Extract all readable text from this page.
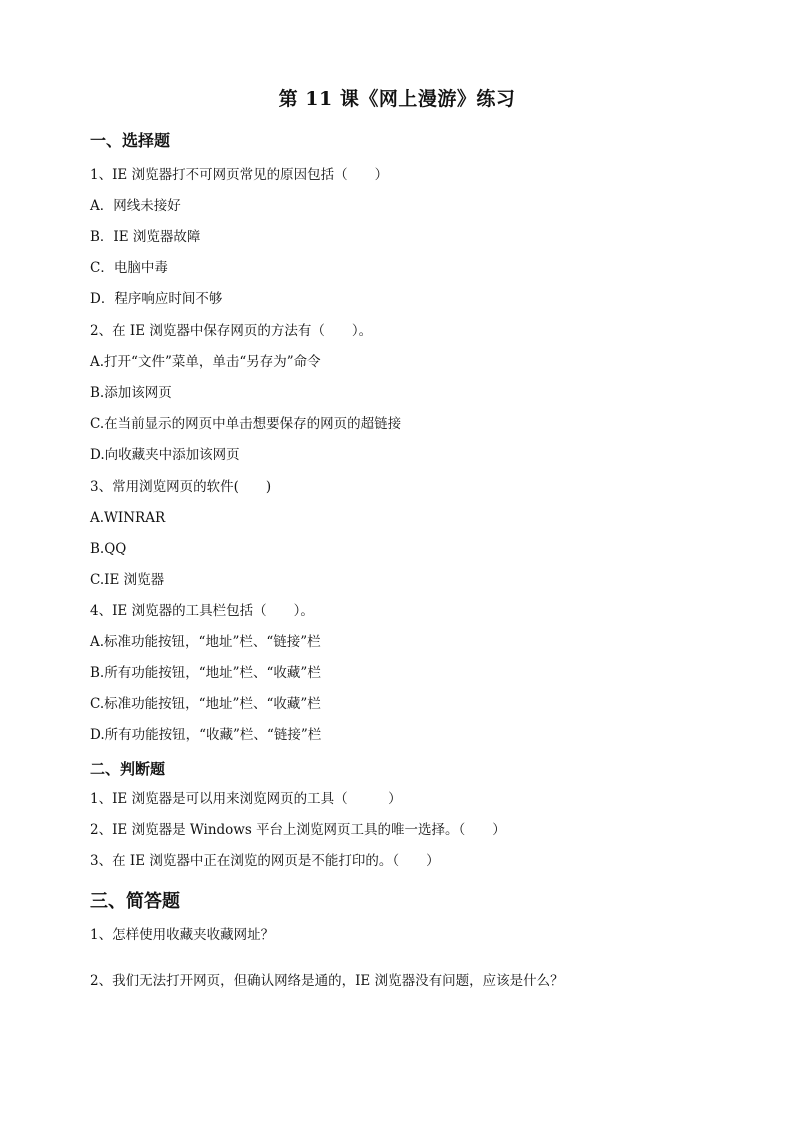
第 11 课《网上漫游》练习
一、选择题
1、IE 浏览器打不可网页常见的原因包括（　　）
A．网线未接好
B．IE 浏览器故障
C．电脑中毒
D．程序响应时间不够
2、在 IE 浏览器中保存网页的方法有（　　）。
A.打开“文件”菜单，单击“另存为”命令
B.添加该网页
C.在当前显示的网页中单击想要保存的网页的超链接
D.向收藏夹中添加该网页
3、常用浏览网页的软件(　　)
A.WINRAR
B.QQ
C.IE 浏览器
4、IE 浏览器的工具栏包括（　　）。
A.标准功能按钮，“地址”栏、“链接”栏
B.所有功能按钮，“地址”栏、“收藏”栏
C.标准功能按钮，“地址”栏、“收藏”栏
D.所有功能按钮，“收藏”栏、“链接”栏
二、判断题
1、IE 浏览器是可以用来浏览网页的工具（　　　）
2、IE 浏览器是 Windows 平台上浏览网页工具的唯一选择。（　　）
3、在 IE 浏览器中正在浏览的网页是不能打印的。（　　）
三、简答题
1、怎样使用收藏夹收藏网址？
2、我们无法打开网页，但确认网络是通的，IE 浏览器没有问题，应该是什么？
